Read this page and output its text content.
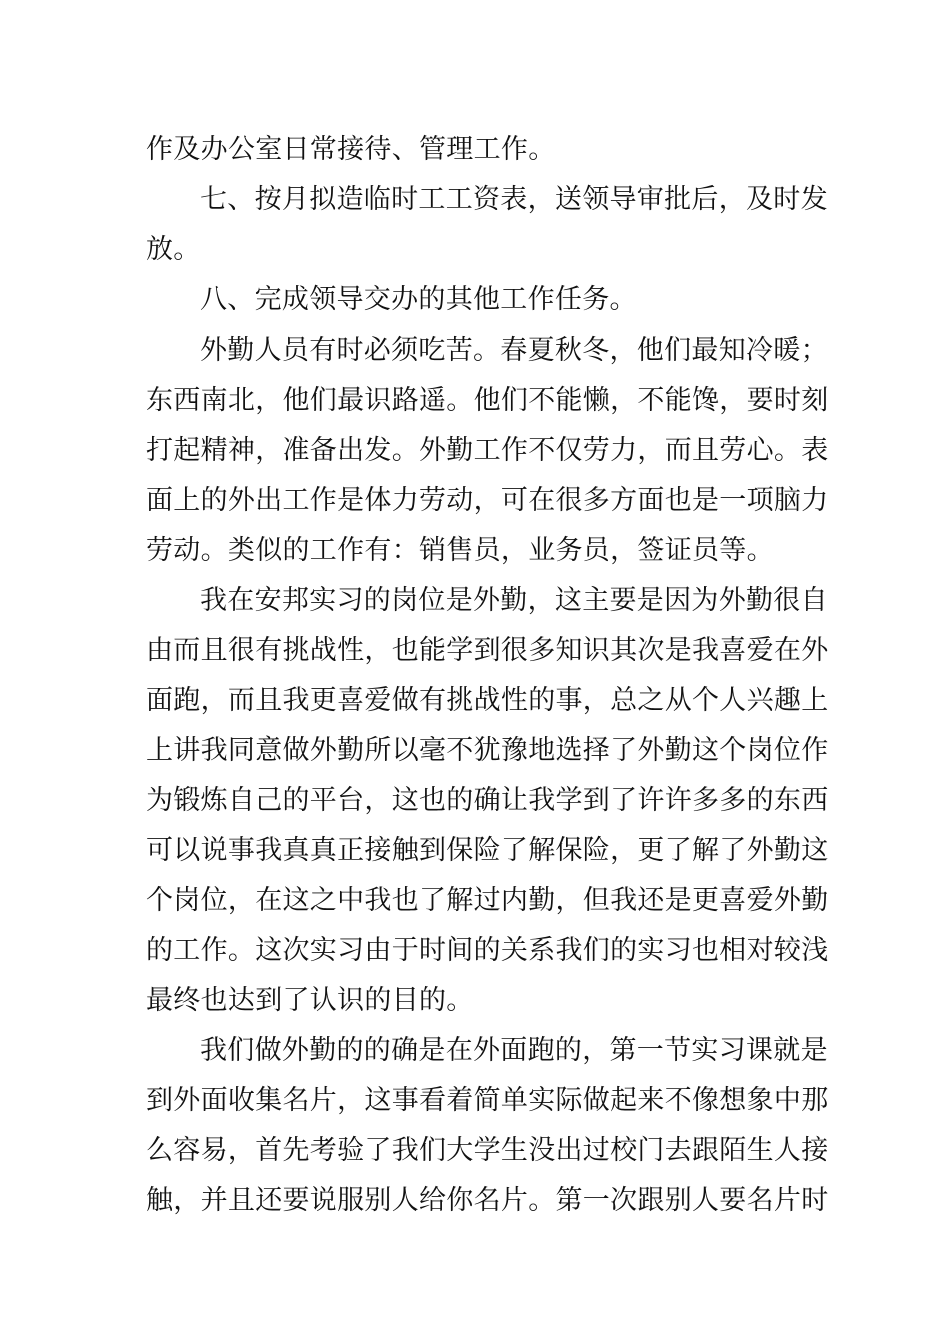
作及办公室日常接待、管理工作。
七、按月拟造临时工工资表，送领导审批后，及时发
放。
八、完成领导交办的其他工作任务。
外勤人员有时必须吃苦。春夏秋冬，他们最知冷暖；
东西南北，他们最识路遥。他们不能懒，不能馋，要时刻
打起精神，准备出发。外勤工作不仅劳力，而且劳心。表
面上的外出工作是体力劳动，可在很多方面也是一项脑力
劳动。类似的工作有：销售员，业务员，签证员等。
我在安邦实习的岗位是外勤，这主要是因为外勤很自
由而且很有挑战性，也能学到很多知识其次是我喜爱在外
面跑，而且我更喜爱做有挑战性的事，总之从个人兴趣上
上讲我同意做外勤所以毫不犹豫地选择了外勤这个岗位作
为锻炼自己的平台，这也的确让我学到了许许多多的东西
可以说事我真真正接触到保险了解保险，更了解了外勤这
个岗位，在这之中我也了解过内勤，但我还是更喜爱外勤
的工作。这次实习由于时间的关系我们的实习也相对较浅
最终也达到了认识的目的。
我们做外勤的的确是在外面跑的，第一节实习课就是
到外面收集名片，这事看着简单实际做起来不像想象中那
么容易，首先考验了我们大学生没出过校门去跟陌生人接
触，并且还要说服别人给你名片。第一次跟别人要名片时
